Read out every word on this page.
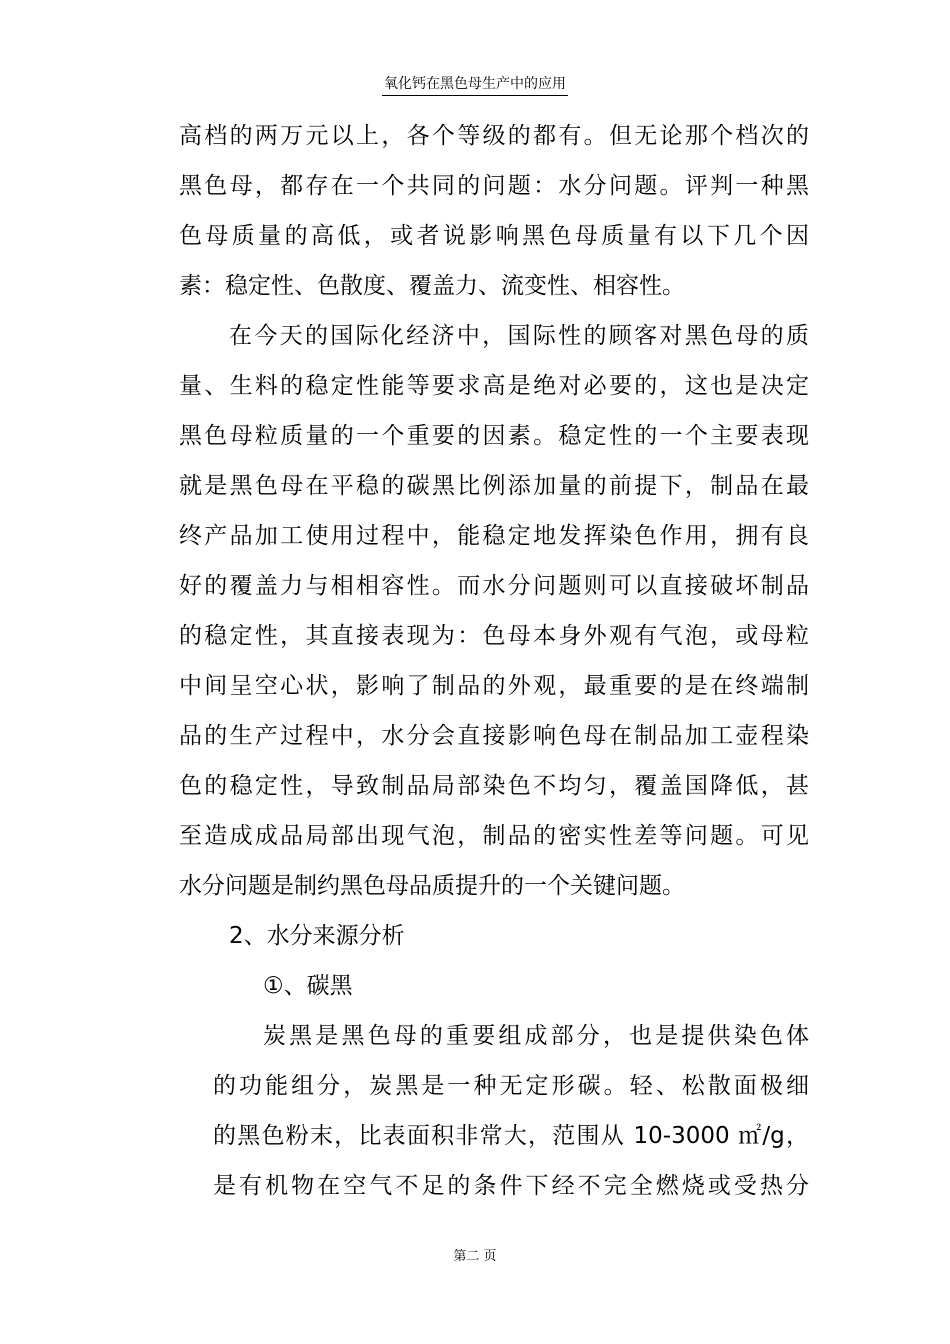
氧化钙在黑色母生产中的应用
高档的两万元以上，各个等级的都有。但无论那个档次的
黑色母，都存在一个共同的问题：水分问题。评判一种黑
色母质量的高低，或者说影响黑色母质量有以下几个因
素：稳定性、色散度、覆盖力、流变性、相容性。
在今天的国际化经济中，国际性的顾客对黑色母的质
量、生料的稳定性能等要求高是绝对必要的，这也是决定
黑色母粒质量的一个重要的因素。稳定性的一个主要表现
就是黑色母在平稳的碳黑比例添加量的前提下，制品在最
终产品加工使用过程中，能稳定地发挥染色作用，拥有良
好的覆盖力与相相容性。而水分问题则可以直接破坏制品
的稳定性，其直接表现为：色母本身外观有气泡，或母粒
中间呈空心状，影响了制品的外观，最重要的是在终端制
品的生产过程中，水分会直接影响色母在制品加工壶程染
色的稳定性，导致制品局部染色不均匀，覆盖国降低，甚
至造成成品局部出现气泡，制品的密实性差等问题。可见
水分问题是制约黑色母品质提升的一个关键问题。
2、水分来源分析
①、碳黑
炭黑是黑色母的重要组成部分，也是提供染色体
的功能组分，炭黑是一种无定形碳。轻、松散面极细
的黑色粉末，比表面积非常大，范围从 10-3000 ㎡/g，
是有机物在空气不足的条件下经不完全燃烧或受热分
第二 页
